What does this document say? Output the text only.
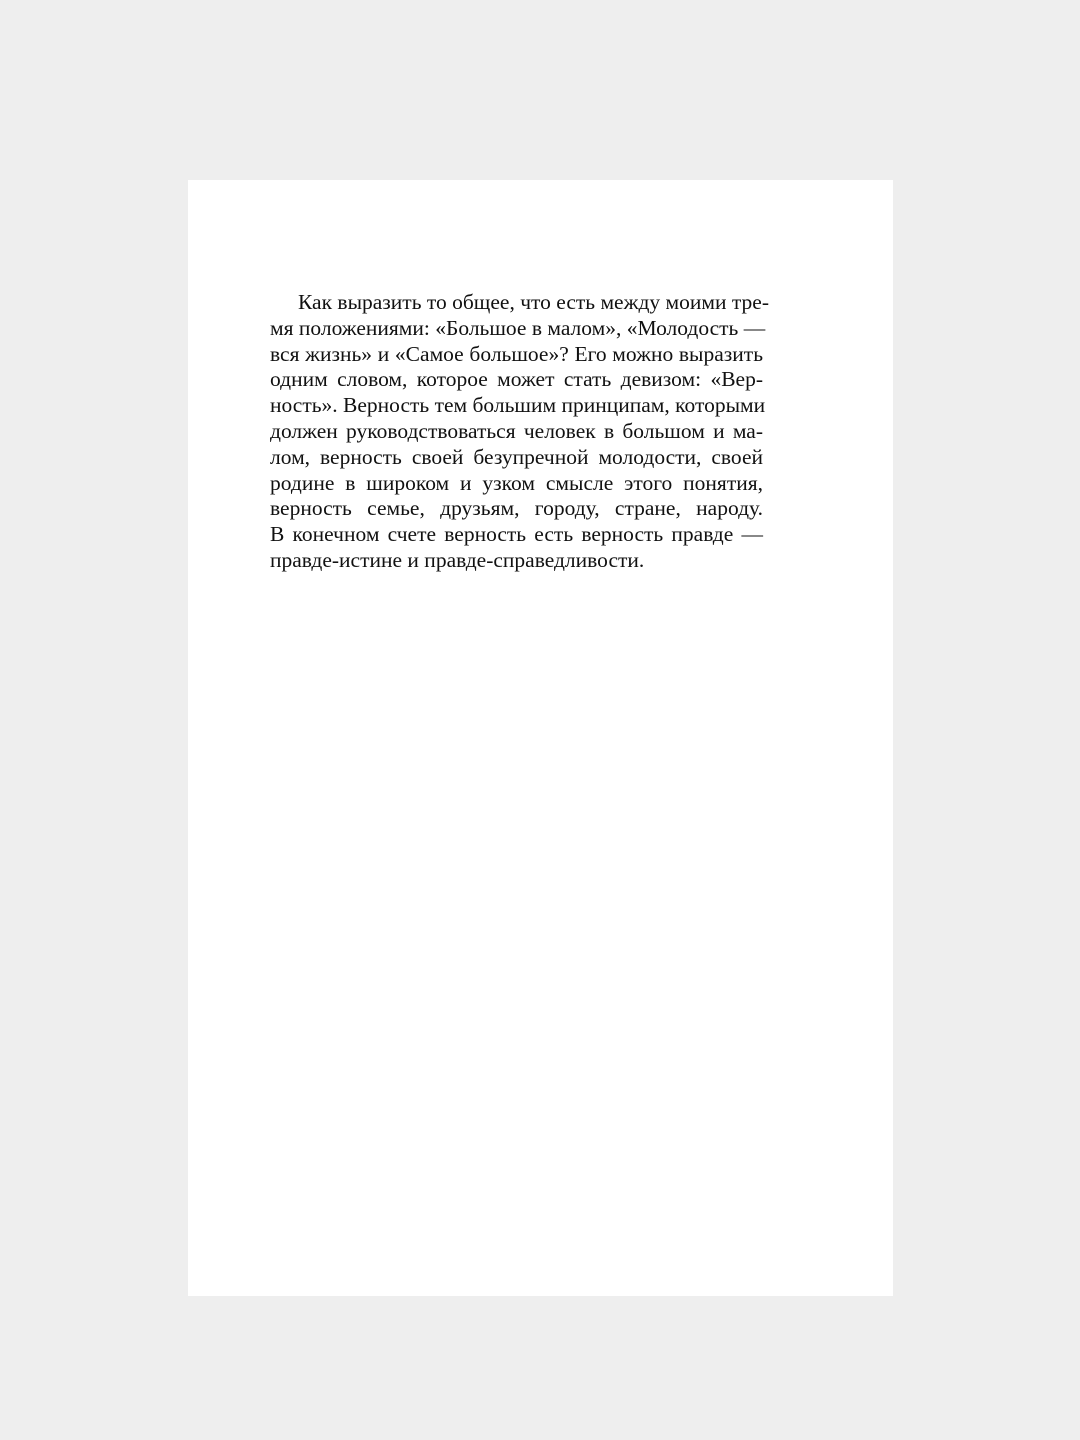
Как выразить то общее, что есть между моими тре-
мя положениями: «Большое в малом», «Молодость —
вся жизнь» и «Самое большое»? Его можно выразить
одним словом, которое может стать девизом: «Вер-
ность». Верность тем большим принципам, которыми
должен руководствоваться человек в большом и ма-
лом, верность своей безупречной молодости, своей
родине в широком и узком смысле этого понятия,
верность семье, друзьям, городу, стране, народу.
В конечном счете верность есть верность правде —
правде-истине и правде-справедливости.
